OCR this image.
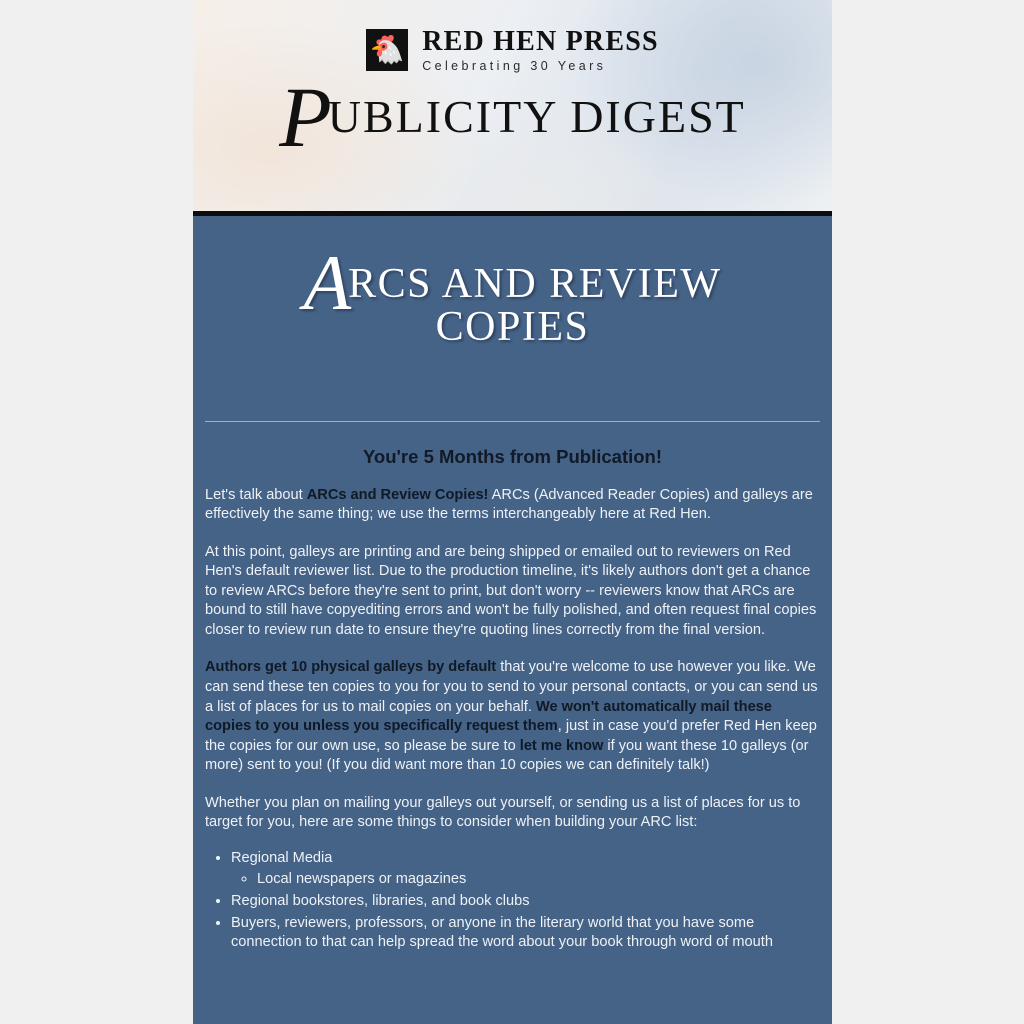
🐔 RED HEN PRESS
Celebrating 30 Years
PUBLICITY DIGEST
ARCS AND REVIEW
COPIES
You're 5 Months from Publication!

Let's talk about ARCs and Review Copies! ARCs (Advanced Reader Copies) and galleys are effectively the same thing; we use the terms interchangeably here at Red Hen.

At this point, galleys are printing and are being shipped or emailed out to reviewers on Red Hen's default reviewer list. Due to the production timeline, it's likely authors don't get a chance to review ARCs before they're sent to print, but don't worry -- reviewers know that ARCs are bound to still have copyediting errors and won't be fully polished, and often request final copies closer to review run date to ensure they're quoting lines correctly from the final version.

Authors get 10 physical galleys by default that you're welcome to use however you like. We can send these ten copies to you for you to send to your personal contacts, or you can send us a list of places for us to mail copies on your behalf. We won't automatically mail these copies to you unless you specifically request them, just in case you'd prefer Red Hen keep the copies for our own use, so please be sure to let me know if you want these 10 galleys (or more) sent to you! (If you did want more than 10 copies we can definitely talk!)

Whether you plan on mailing your galleys out yourself, or sending us a list of places for us to target for you, here are some things to consider when building your ARC list:

• Regional Media
◦ Local newspapers or magazines
• Regional bookstores, libraries, and book clubs
• Buyers, reviewers, professors, or anyone in the literary world that you have some connection to that can help spread the word about your book through word of mouth
